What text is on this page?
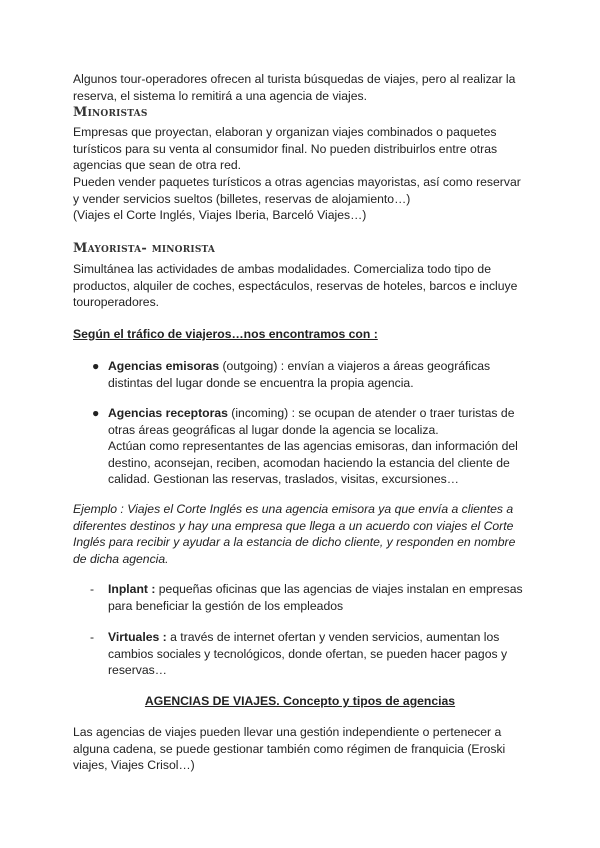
Algunos tour-operadores ofrecen al turista búsquedas de viajes, pero al realizar la reserva, el sistema lo remitirá a una agencia de viajes.

Minoristas

Empresas que proyectan, elaboran y organizan viajes combinados o paquetes turísticos para su venta al consumidor final. No pueden distribuirlos entre otras agencias que sean de otra red.

Pueden vender paquetes turísticos a otras agencias mayoristas, así como reservar y vender servicios sueltos (billetes, reservas de alojamiento…)

(Viajes el Corte Inglés, Viajes Iberia, Barceló Viajes…)

Mayorista- minorista

Simultánea las actividades de ambas modalidades. Comercializa todo tipo de productos, alquiler de coches, espectáculos, reservas de hoteles, barcos e incluye touroperadores.

Según el tráfico de viajeros…nos encontramos con :

● Agencias emisoras (outgoing) : envían a viajeros a áreas geográficas distintas del lugar donde se encuentra la propia agencia.

● Agencias receptoras (incoming) : se ocupan de atender o traer turistas de otras áreas geográficas al lugar donde la agencia se localiza.

Actúan como representantes de las agencias emisoras, dan información del destino, aconsejan, reciben, acomodan haciendo la estancia del cliente de calidad. Gestionan las reservas, traslados, visitas, excursiones…

Ejemplo : Viajes el Corte Inglés es una agencia emisora ya que envía a clientes a diferentes destinos y hay una empresa que llega a un acuerdo con viajes el Corte Inglés para recibir y ayudar a la estancia de dicho cliente, y responden en nombre de dicha agencia.

- Inplant : pequeñas oficinas que las agencias de viajes instalan en empresas para beneficiar la gestión de los empleados

- Virtuales : a través de internet ofertan y venden servicios, aumentan los cambios sociales y tecnológicos, donde ofertan, se pueden hacer pagos y reservas…

AGENCIAS DE VIAJES. Concepto y tipos de agencias

Las agencias de viajes pueden llevar una gestión independiente o pertenecer a alguna cadena, se puede gestionar también como régimen de franquicia (Eroski viajes, Viajes Crisol…)
